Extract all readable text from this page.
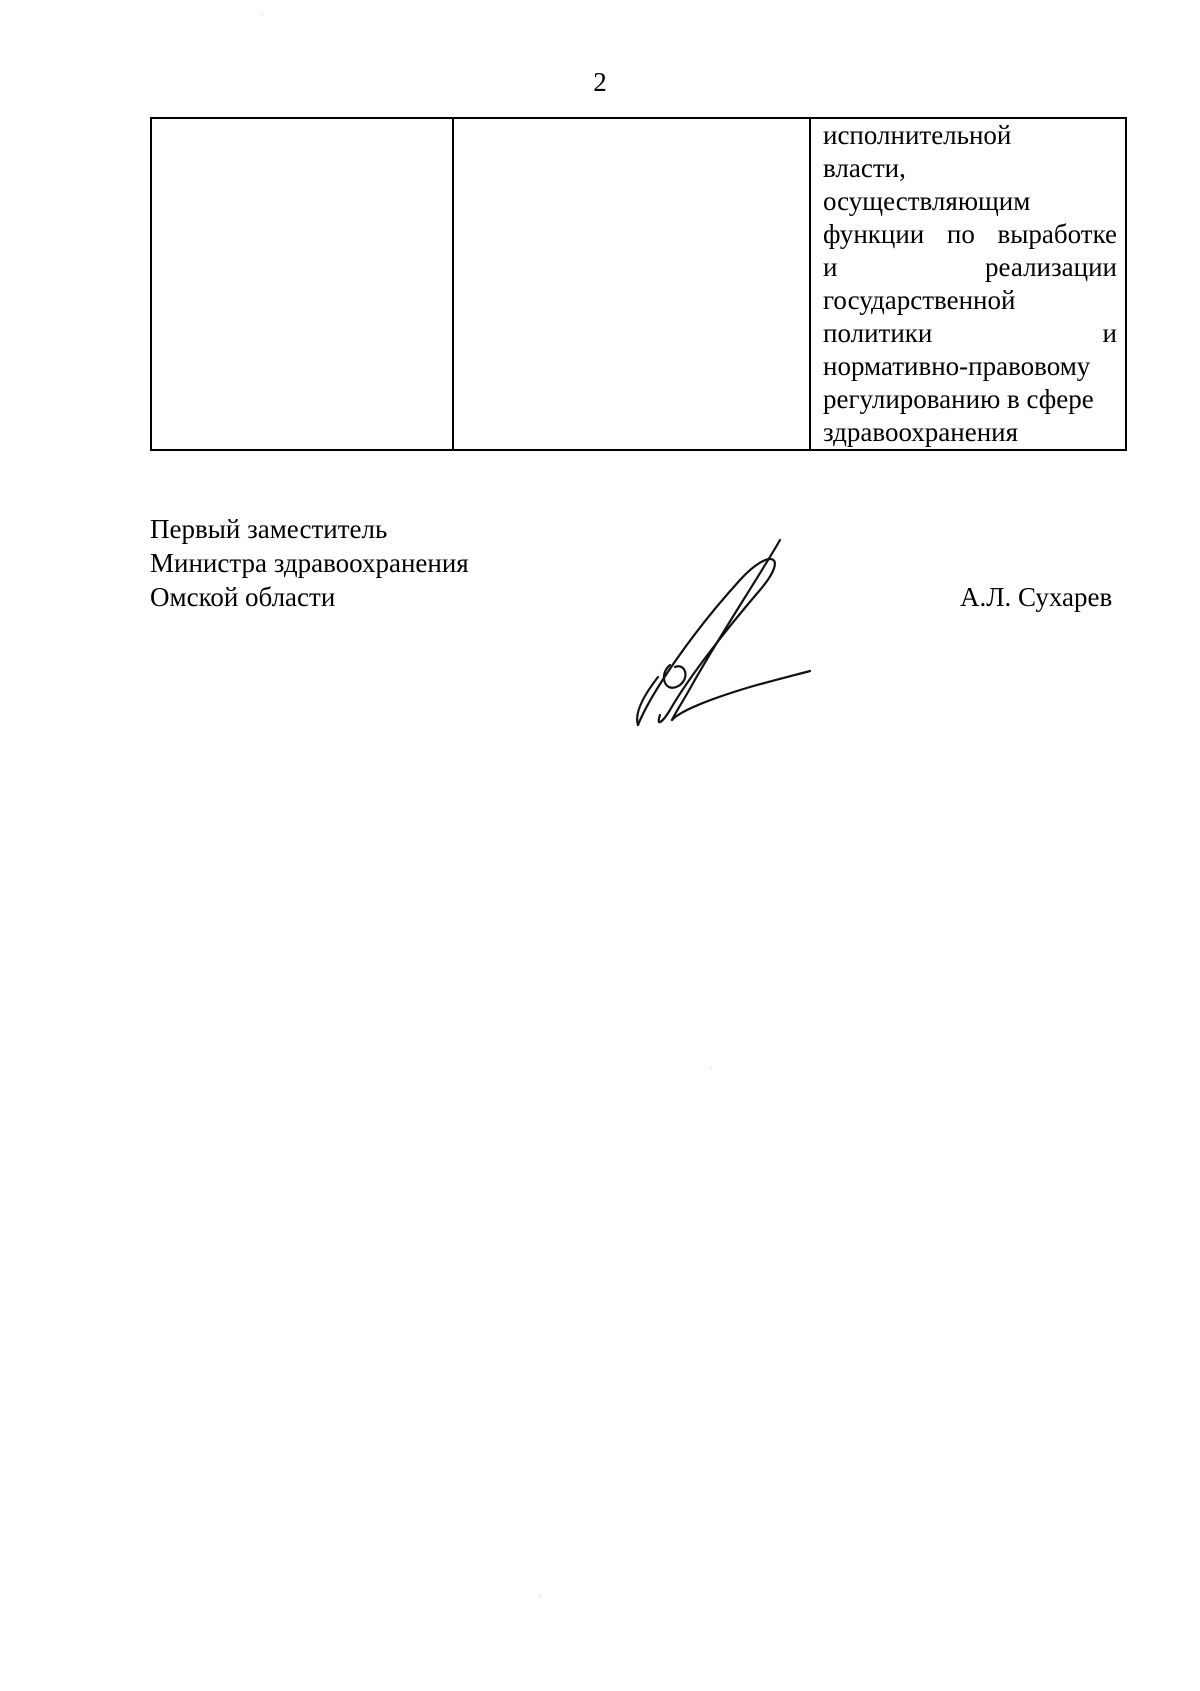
2

исполнительной
власти,
осуществляющим
функции по выработке
и реализации
государственной
политики и
нормативно-правовому
регулированию в сфере
здравоохранения
Первый заместитель
Министра здравоохранения
Омской области	А.Л. Сухарев
